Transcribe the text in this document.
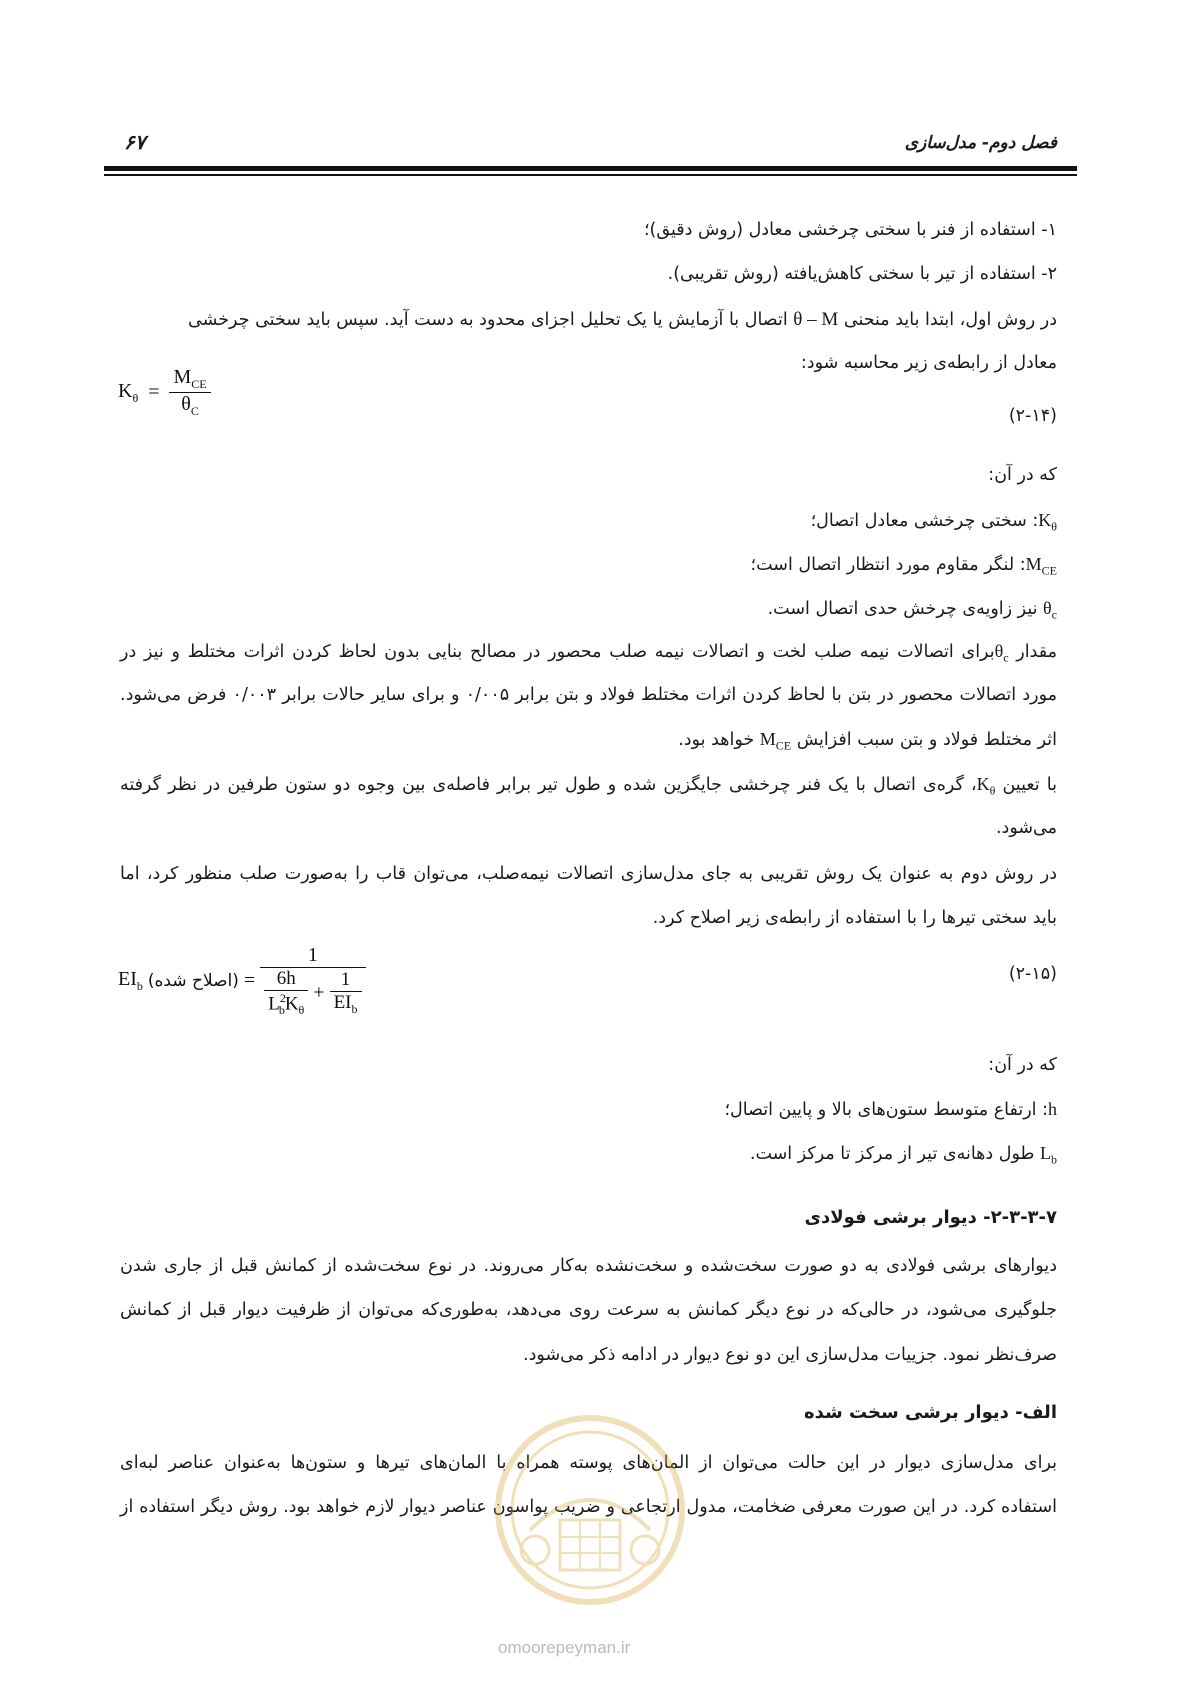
فصل دوم- مدل‌سازی
۶۷
۱- استفاده از فنر با سختی چرخشی معادل (روش دقیق)؛
۲- استفاده از تیر با سختی کاهش‌یافته (روش تقریبی).
در روش اول، ابتدا باید منحنی θ – M اتصال با آزمایش یا یک تحلیل اجزای محدود به دست آید. سپس باید سختی چرخشی
معادل از رابطه‌ی زیر محاسبه شود:
$K_\theta = \frac{M_{CE}}{\theta_C}$	(۲-۱۴)
که در آن:
$K_\theta$: سختی چرخشی معادل اتصال؛
$M_{CE}$: لنگر مقاوم مورد انتظار اتصال است؛
$\theta_c$ نیز زاویه‌ی چرخش حدی اتصال است.
مقدار $\theta_cبرای$ اتصالات نیمه صلب لخت و اتصالات نیمه صلب محصور در مصالح بنایی بدون لحاظ کردن اثرات مختلط و نیز در
مورد اتصالات محصور در بتن با لحاظ کردن اثرات مختلط فولاد و بتن برابر ۰/۰۰۵ و برای سایر حالات برابر ۰/۰۰۳ فرض می‌شود.
اثر مختلط فولاد و بتن سبب افزایش $M_{CE}$ خواهد بود.
با تعیین $K_\theta،$ گره‌ی اتصال با یک فنر چرخشی جایگزین شده و طول تیر برابر فاصله‌ی بین وجوه دو ستون طرفین در نظر گرفته
می‌شود.
در روش دوم به عنوان یک روش تقریبی به جای مدل‌سازی اتصالات نیمه‌صلب، می‌توان قاب را به‌صورت صلب منظور کرد، اما
باید سختی تیرها را با استفاده از رابطه‌ی زیر اصلاح کرد.
$EI_b$ (اصلاح شده) = $\frac{1}{\frac{6h}{L^2_bK_\theta} + \frac{1}{EI_b}}$	(۲-۱۵)
که در آن:
h: ارتفاع متوسط ستون‌های بالا و پایین اتصال؛
$L_b$ طول دهانه‌ی تیر از مرکز تا مرکز است.
۲-۳-۳-۷- دیوار برشی فولادی
دیوارهای برشی فولادی به دو صورت سخت‌شده و سخت‌نشده به‌کار می‌روند. در نوع سخت‌شده از کمانش قبل از جاری شدن
جلوگیری می‌شود، در حالی‌که در نوع دیگر کمانش به سرعت روی می‌دهد، به‌طوری‌که می‌توان از ظرفیت دیوار قبل از کمانش
صرف‌نظر نمود. جزییات مدل‌سازی این دو نوع دیوار در ادامه ذکر می‌شود.
الف- دیوار برشی سخت شده
برای مدل‌سازی دیوار در این حالت می‌توان از المان‌های پوسته همراه با المان‌های تیرها و ستون‌ها به‌عنوان عناصر لبه‌ای
استفاده کرد. در این صورت معرفی ضخامت، مدول ارتجاعی و ضریب پواسون عناصر دیوار لازم خواهد بود. روش دیگر استفاده از
omoorepeyman.ir
